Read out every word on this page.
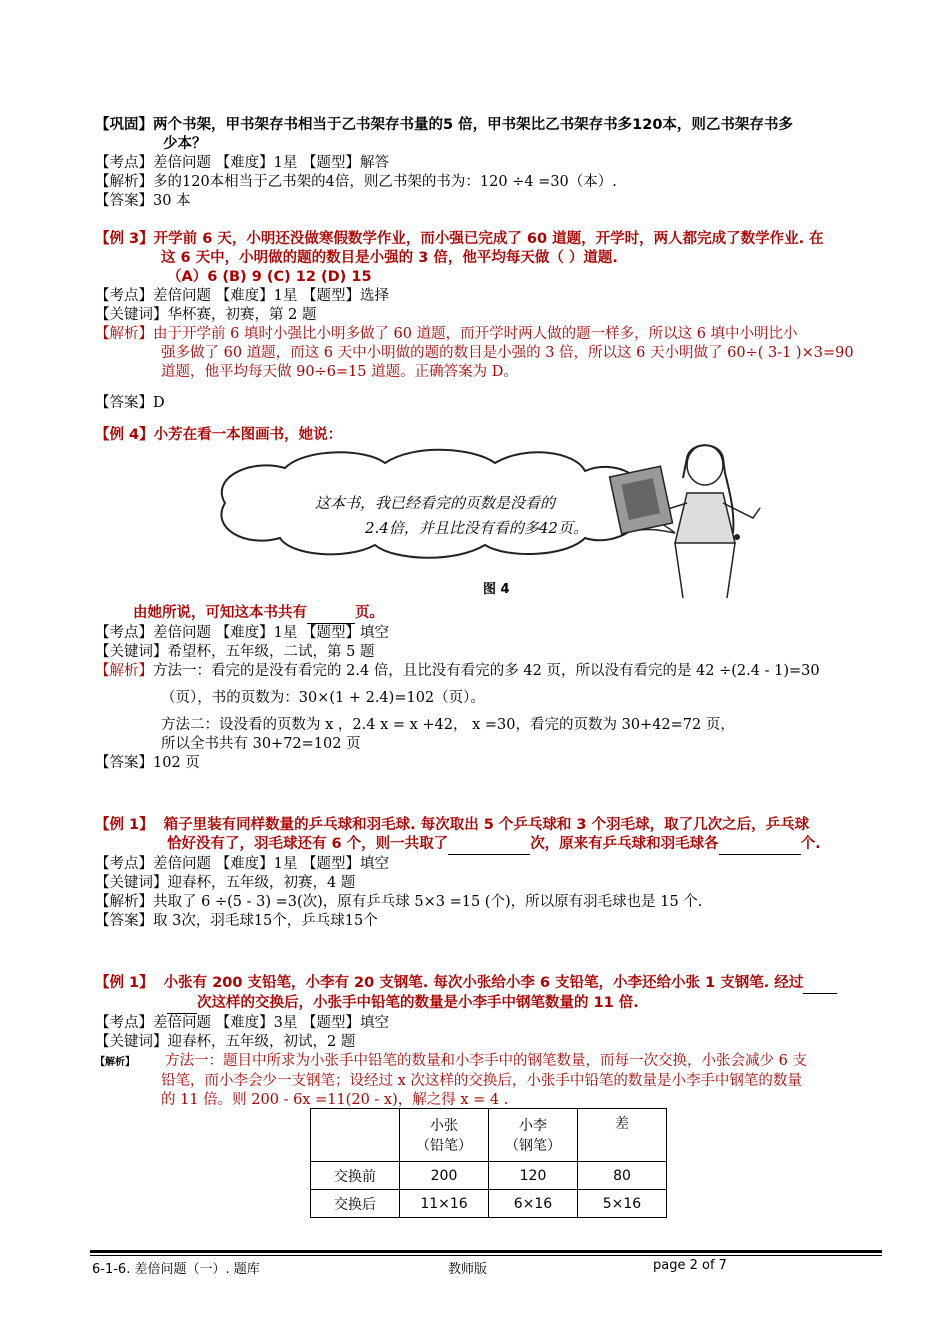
【巩固】两个书架，甲书架存书相当于乙书架存书量的5 倍，甲书架比乙书架存书多120本，则乙书架存书多
少本？
【考点】差倍问题 【难度】1星 【题型】解答
【解析】多的120本相当于乙书架的4倍，则乙书架的书为：120 ÷4 =30（本）.
【答案】30 本
【例 3】开学前 6 天，小明还没做寒假数学作业，而小强已完成了 60 道题，开学时，两人都完成了数学作业. 在
这 6 天中，小明做的题的数目是小强的 3 倍，他平均每天做（ ）道题.
（A）6 (B) 9 (C) 12 (D) 15
【考点】差倍问题 【难度】1星 【题型】选择
【关键词】华杯赛，初赛，第 2 题
【解析】由于开学前 6 填时小强比小明多做了 60 道题，而开学时两人做的题一样多，所以这 6 填中小明比小
强多做了 60 道题，而这 6 天中小明做的题的数目是小强的 3 倍，所以这 6 天小明做了 60÷( 3-1 )×3=90
道题，他平均每天做 90÷6=15 道题。正确答案为 D。
【答案】D
【例 4】小芳在看一本图画书，她说：
这本书，我已经看完的页数是没看的
2.4倍，并且比没有看的多42页。
图 4
由她所说，可知这本书共有	页。
【考点】差倍问题 【难度】1星 【题型】填空
【关键词】希望杯，五年级，二试，第 5 题
【解析】方法一：看完的是没有看完的 2.4 倍，且比没有看完的多 42 页，所以没有看完的是 42 ÷(2.4 - 1)=30
（页），书的页数为：30×(1 + 2.4)=102（页）。
方法二：设没看的页数为 x ，2.4 x = x +42， x =30，看完的页数为 30+42=72 页，
所以全书共有 30+72=102 页
【答案】102 页
【例 1】 箱子里装有同样数量的乒乓球和羽毛球. 每次取出 5 个乒乓球和 3 个羽毛球，取了几次之后，乒乓球
恰好没有了，羽毛球还有 6 个，则一共取了	次，原来有乒乓球和羽毛球各	个.
【考点】差倍问题 【难度】1星 【题型】填空
【关键词】迎春杯，五年级，初赛，4 题
【解析】共取了 6 ÷(5 - 3) =3(次)，原有乒乓球 5×3 =15 (个)，所以原有羽毛球也是 15 个.
【答案】取 3次，羽毛球15个，乒乓球15个
【例 1】 小张有 200 支铅笔，小李有 20 支钢笔. 每次小张给小李 6 支铅笔，小李还给小张 1 支钢笔. 经过
次这样的交换后，小张手中铅笔的数量是小李手中钢笔数量的 11 倍.
【考点】差倍问题 【难度】3星 【题型】填空
【关键词】迎春杯，五年级，初试，2 题
【解析】 方法一：题目中所求为小张手中铅笔的数量和小李手中的钢笔数量，而每一次交换，小张会减少 6 支
铅笔，而小李会少一支钢笔；设经过 x 次这样的交换后，小张手中铅笔的数量是小李手中钢笔的数量
的 11 倍。则 200 - 6x =11(20 - x)，解之得 x = 4 .
	小张
（铅笔）	小李
（钢笔）	差
交换前	200	120	80
交换后	11×16	6×16	5×16
6-1-6. 差倍问题（一）. 题库	教师版	page 2 of 7
